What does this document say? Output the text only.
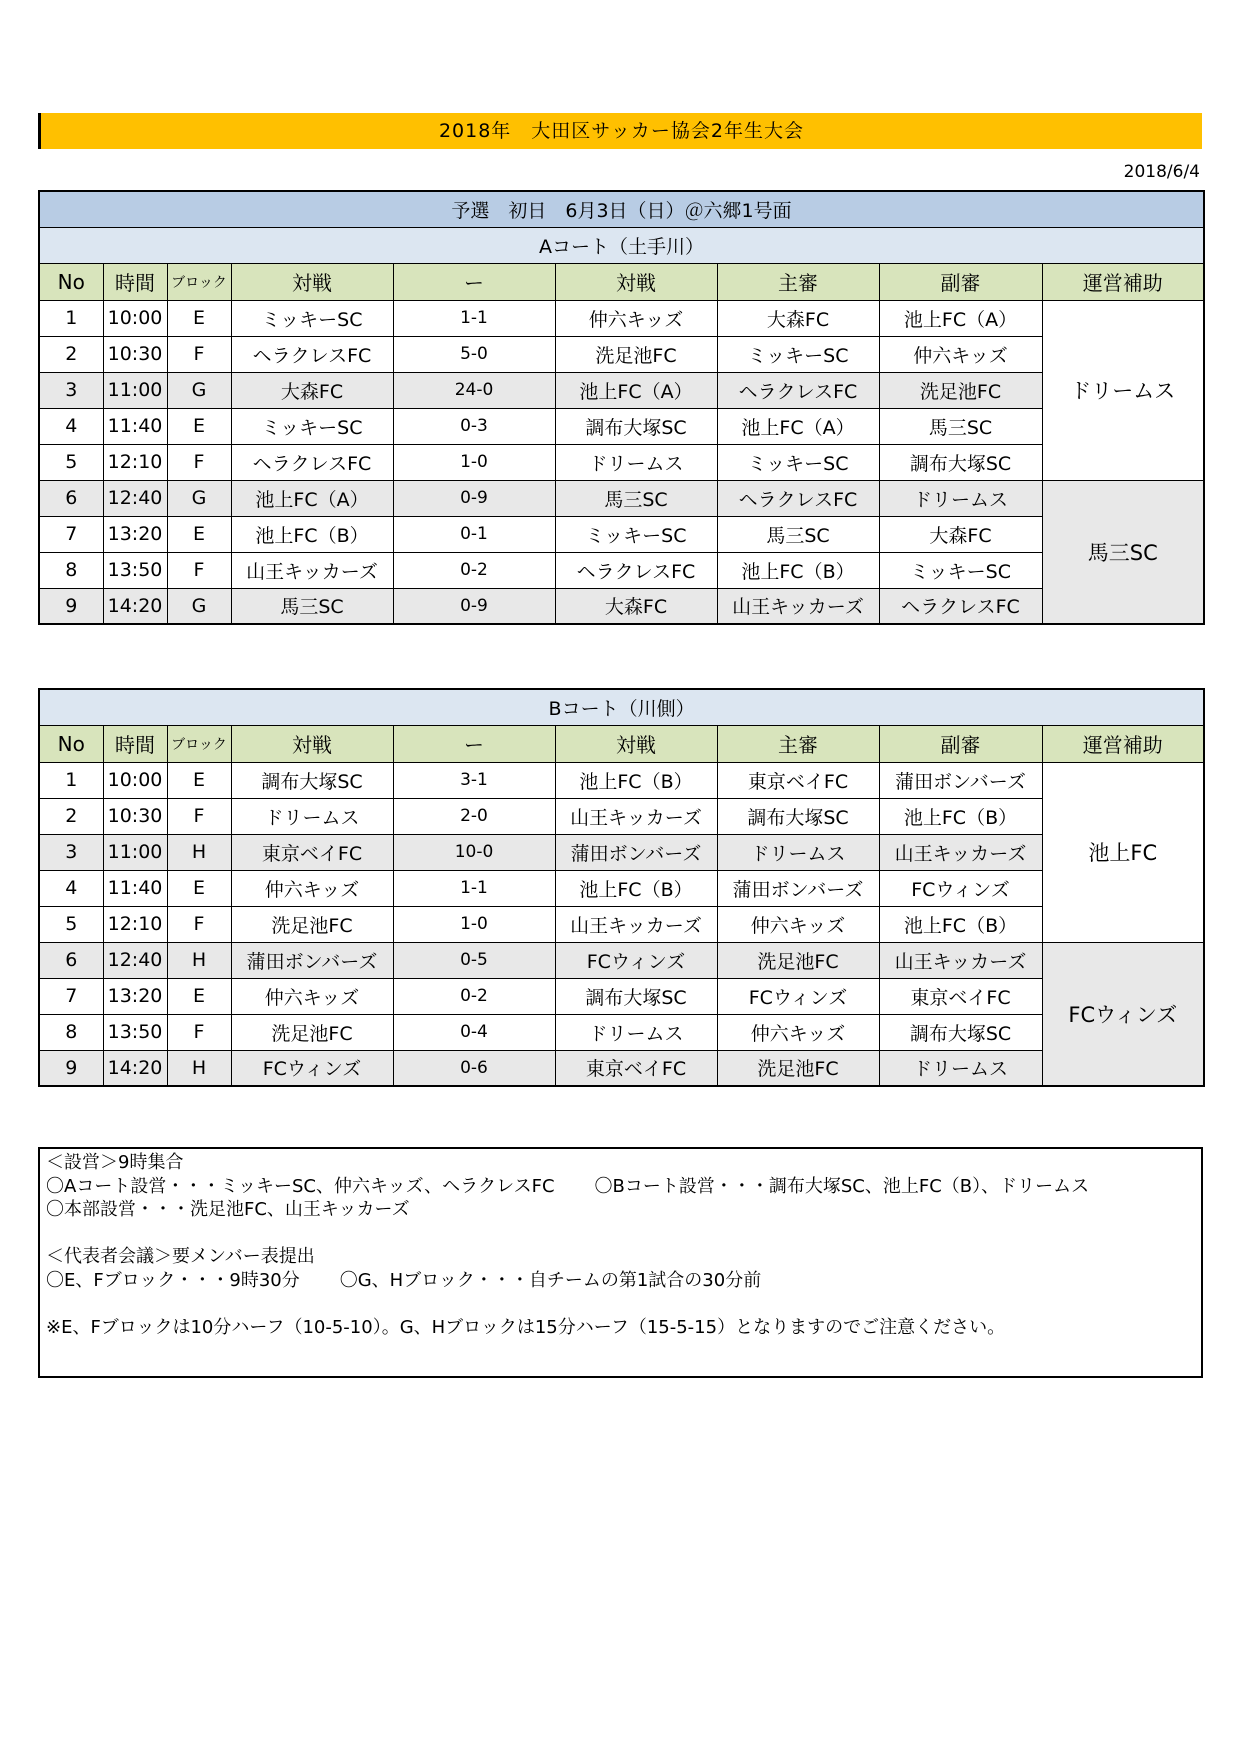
2018年　大田区サッカー協会2年生大会
2018/6/4
予選　初日　6月3日（日）＠六郷1号面								
Aコート（土手川）								
No	時間	ブロック	対戦	ー	対戦	主審	副審	運営補助
1	10:00	E	ミッキーSC	1-1	仲六キッズ	大森FC	池上FC（A）	ドリームス
2	10:30	F	ヘラクレスFC	5-0	洗足池FC	ミッキーSC	仲六キッズ	
3	11:00	G	大森FC	24-0	池上FC（A）	ヘラクレスFC	洗足池FC	
4	11:40	E	ミッキーSC	0-3	調布大塚SC	池上FC（A）	馬三SC	
5	12:10	F	ヘラクレスFC	1-0	ドリームス	ミッキーSC	調布大塚SC	
6	12:40	G	池上FC（A）	0-9	馬三SC	ヘラクレスFC	ドリームス	馬三SC
7	13:20	E	池上FC（B）	0-1	ミッキーSC	馬三SC	大森FC	
8	13:50	F	山王キッカーズ	0-2	ヘラクレスFC	池上FC（B）	ミッキーSC	
9	14:20	G	馬三SC	0-9	大森FC	山王キッカーズ	ヘラクレスFC	
Bコート（川側）								
No	時間	ブロック	対戦	ー	対戦	主審	副審	運営補助
1	10:00	E	調布大塚SC	3-1	池上FC（B）	東京ベイFC	蒲田ボンバーズ	池上FC
2	10:30	F	ドリームス	2-0	山王キッカーズ	調布大塚SC	池上FC（B）	
3	11:00	H	東京ベイFC	10-0	蒲田ボンバーズ	ドリームス	山王キッカーズ	
4	11:40	E	仲六キッズ	1-1	池上FC（B）	蒲田ボンバーズ	FCウィンズ	
5	12:10	F	洗足池FC	1-0	山王キッカーズ	仲六キッズ	池上FC（B）	
6	12:40	H	蒲田ボンバーズ	0-5	FCウィンズ	洗足池FC	山王キッカーズ	FCウィンズ
7	13:20	E	仲六キッズ	0-2	調布大塚SC	FCウィンズ	東京ベイFC	
8	13:50	F	洗足池FC	0-4	ドリームス	仲六キッズ	調布大塚SC	
9	14:20	H	FCウィンズ	0-6	東京ベイFC	洗足池FC	ドリームス	
＜設営＞9時集合
〇Aコート設営・・・ミッキーSC、仲六キッズ、ヘラクレスFC 〇Bコート設営・・・調布大塚SC、池上FC（B）、ドリームス
〇本部設営・・・洗足池FC、山王キッカーズ
＜代表者会議＞要メンバー表提出
〇E、Fブロック・・・9時30分 〇G、Hブロック・・・自チームの第1試合の30分前
※E、Fブロックは10分ハーフ（10-5-10）。G、Hブロックは15分ハーフ（15-5-15）となりますのでご注意ください。
